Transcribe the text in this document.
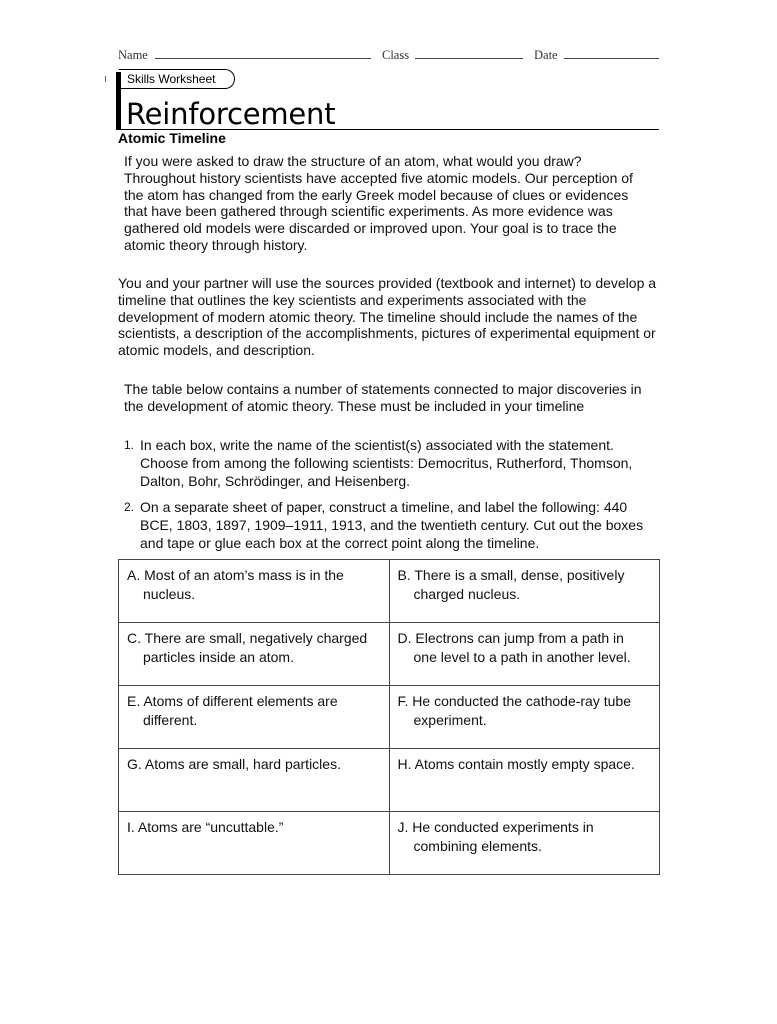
Name	Class	Date
Skills Worksheet
Reinforcement
Atomic Timeline
If you were asked to draw the structure of an atom, what would you draw? Throughout history scientists have accepted five atomic models. Our perception of the atom has changed from the early Greek model because of clues or evidences that have been gathered through scientific experiments. As more evidence was gathered old models were discarded or improved upon. Your goal is to trace the atomic theory through history.
You and your partner will use the sources provided (textbook and internet) to develop a timeline that outlines the key scientists and experiments associated with the development of modern atomic theory. The timeline should include the names of the scientists, a description of the accomplishments, pictures of experimental equipment or atomic models, and description.
The table below contains a number of statements connected to major discoveries in the development of atomic theory. These must be included in your timeline
1. In each box, write the name of the scientist(s) associated with the statement. Choose from among the following scientists: Democritus, Rutherford, Thomson, Dalton, Bohr, Schrödinger, and Heisenberg.
2. On a separate sheet of paper, construct a timeline, and label the following: 440 BCE, 1803, 1897, 1909–1911, 1913, and the twentieth century. Cut out the boxes and tape or glue each box at the correct point along the timeline.
A. Most of an atom’s mass is in the nucleus.	B. There is a small, dense, positively charged nucleus.

C. There are small, negatively charged particles inside an atom.	D. Electrons can jump from a path in one level to a path in another level.

E. Atoms of different elements are different.	F. He conducted the cathode-ray tube experiment.

G. Atoms are small, hard particles.	H. Atoms contain mostly empty space.

I. Atoms are “uncuttable.”	J. He conducted experiments in combining elements.
